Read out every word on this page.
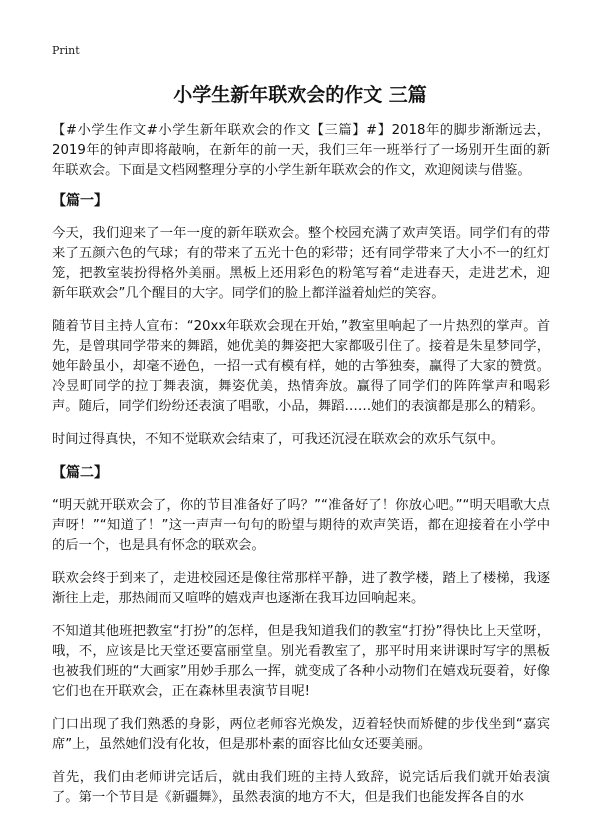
Print
小学生新年联欢会的作文 三篇

【#小学生作文#小学生新年联欢会的作文【三篇】#】2018年的脚步渐渐远去，2019年的钟声即将敲响，在新年的前一天，我们三年一班举行了一场别开生面的新年联欢会。下面是文档网整理分享的小学生新年联欢会的作文，欢迎阅读与借鉴。

【篇一】

今天，我们迎来了一年一度的新年联欢会。整个校园充满了欢声笑语。同学们有的带来了五颜六色的气球；有的带来了五光十色的彩带；还有同学带来了大小不一的红灯笼，把教室装扮得格外美丽。黑板上还用彩色的粉笔写着“走进春天，走进艺术，迎新年联欢会”几个醒目的大字。同学们的脸上都洋溢着灿烂的笑容。

随着节目主持人宣布：“20xx年联欢会现在开始，”教室里响起了一片热烈的掌声。首先，是曾琪同学带来的舞蹈，她优美的舞姿把大家都吸引住了。接着是朱星梦同学，她年龄虽小，却毫不逊色，一招一式有模有样，她的古筝独奏，赢得了大家的赞赏。冷昱町同学的拉丁舞表演，舞姿优美，热情奔放。赢得了同学们的阵阵掌声和喝彩声。随后，同学们纷纷还表演了唱歌，小品，舞蹈……她们的表演都是那么的精彩。

时间过得真快，不知不觉联欢会结束了，可我还沉浸在联欢会的欢乐气氛中。

【篇二】

“明天就开联欢会了，你的节目准备好了吗？”“准备好了！你放心吧。”“明天唱歌大点声呀！”“知道了！”这一声声一句句的盼望与期待的欢声笑语，都在迎接着在小学中的后一个，也是具有怀念的联欢会。

联欢会终于到来了，走进校园还是像往常那样平静，进了教学楼，踏上了楼梯，我逐渐往上走，那热闹而又喧哗的嬉戏声也逐渐在我耳边回响起来。

不知道其他班把教室“打扮”的怎样，但是我知道我们的教室“打扮”得快比上天堂呀，哦，不，应该是比天堂还要富丽堂皇。别光看教室了，那平时用来讲课时写字的黑板也被我们班的“大画家”用妙手那么一挥，就变成了各种小动物们在嬉戏玩耍着，好像它们也在开联欢会，正在森林里表演节目呢!

门口出现了我们熟悉的身影，两位老师容光焕发，迈着轻快而矫健的步伐坐到“嘉宾席”上，虽然她们没有化妆，但是那朴素的面容比仙女还要美丽。

首先，我们由老师讲完话后，就由我们班的主持人致辞，说完话后我们就开始表演了。第一个节目是《新疆舞》，虽然表演的地方不大，但是我们也能发挥各自的水
